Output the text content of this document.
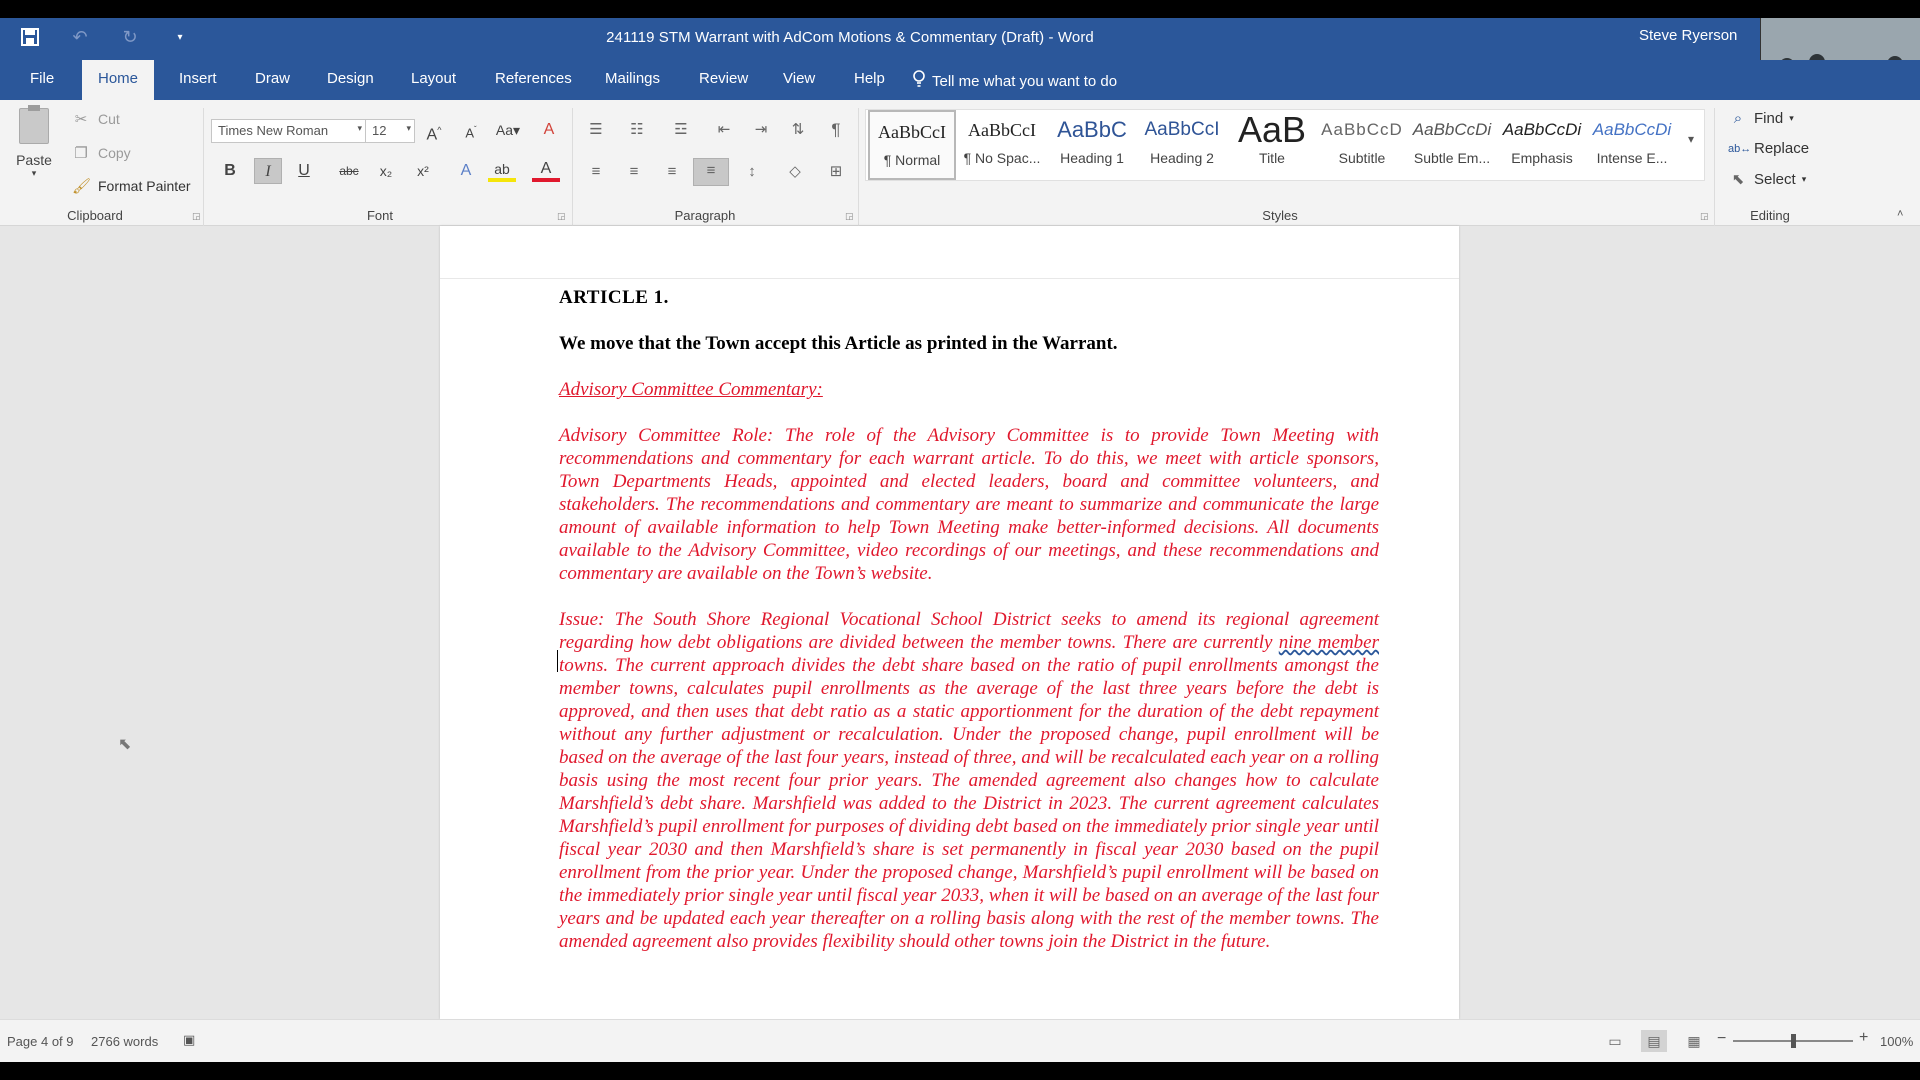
↶ ↻	▾	241119 STM Warrant with AdCom Motions & Commentary (Draft) - Word	Steve Ryerson
File	Home	Insert	Draw Design Layout	References Mailings	Review View	Help	Tell me what you want to do
Paste
▾
✂ Cut
❐ Copy
🖌 Format Painter
Clipboard	◲
Times New Roman	▾ 12 ▾ A^	$A^ˇ$	Aa▾	A
B	I	U	abc	x₂	x²	A	ab	A
Font	◲
☰	☷	☲	⇤	⇥	⇅	¶
≡	≡	≡	≡	↕	◇	⊞
Paragraph	◲	Styles	◲
⌕ Find ▾
ab↔ Replace
⬉ Select ▾
Editing	˄
AaBbCcI
¶ Normal
AaBbCcI
¶ No Spac...
AaBbC
Heading 1
AaBbCcI
Heading 2
AaB
Title
AaBbCcD
Subtitle
AaBbCcDi
Subtle Em...
AaBbCcDi
Emphasis
AaBbCcDi
Intense E...
▾
⬉

ARTICLE 1.

We move that the Town accept this Article as printed in the Warrant.

Advisory Committee Commentary:

Advisory Committee Role: The role of the Advisory Committee is to provide Town Meeting with recommendations and commentary for each warrant article. To do this, we meet with article sponsors, Town Departments Heads, appointed and elected leaders, board and committee volunteers, and stakeholders. The recommendations and commentary are meant to summarize and communicate the large amount of available information to help Town Meeting make better-informed decisions. All documents available to the Advisory Committee, video recordings of our meetings, and these recommendations and commentary are available on the Town’s website.

Issue: The South Shore Regional Vocational School District seeks to amend its regional agreement regarding how debt obligations are divided between the member towns. There are currently nine member towns. The current approach divides the debt share based on the ratio of pupil enrollments amongst the member towns, calculates pupil enrollments as the average of the last three years before the debt is approved, and then uses that debt ratio as a static apportionment for the duration of the debt repayment without any further adjustment or recalculation. Under the proposed change, pupil enrollment will be based on the average of the last four years, instead of three, and will be recalculated each year on a rolling basis using the most recent four prior years. The amended agreement also changes how to calculate Marshfield’s debt share. Marshfield was added to the District in 2023. The current agreement calculates Marshfield’s pupil enrollment for purposes of dividing debt based on the immediately prior single year until fiscal year 2030 and then Marshfield’s share is set permanently in fiscal year 2030 based on the pupil enrollment from the prior year. Under the proposed change, Marshfield’s pupil enrollment will be based on the immediately prior single year until fiscal year 2033, when it will be based on an average of the last four years and be updated each year thereafter on a rolling basis along with the rest of the member towns. The amended agreement also provides flexibility should other towns join the District in the future.

Page 4 of 9 2766 words ▣	▭	▤	▦	−	+ 100%
